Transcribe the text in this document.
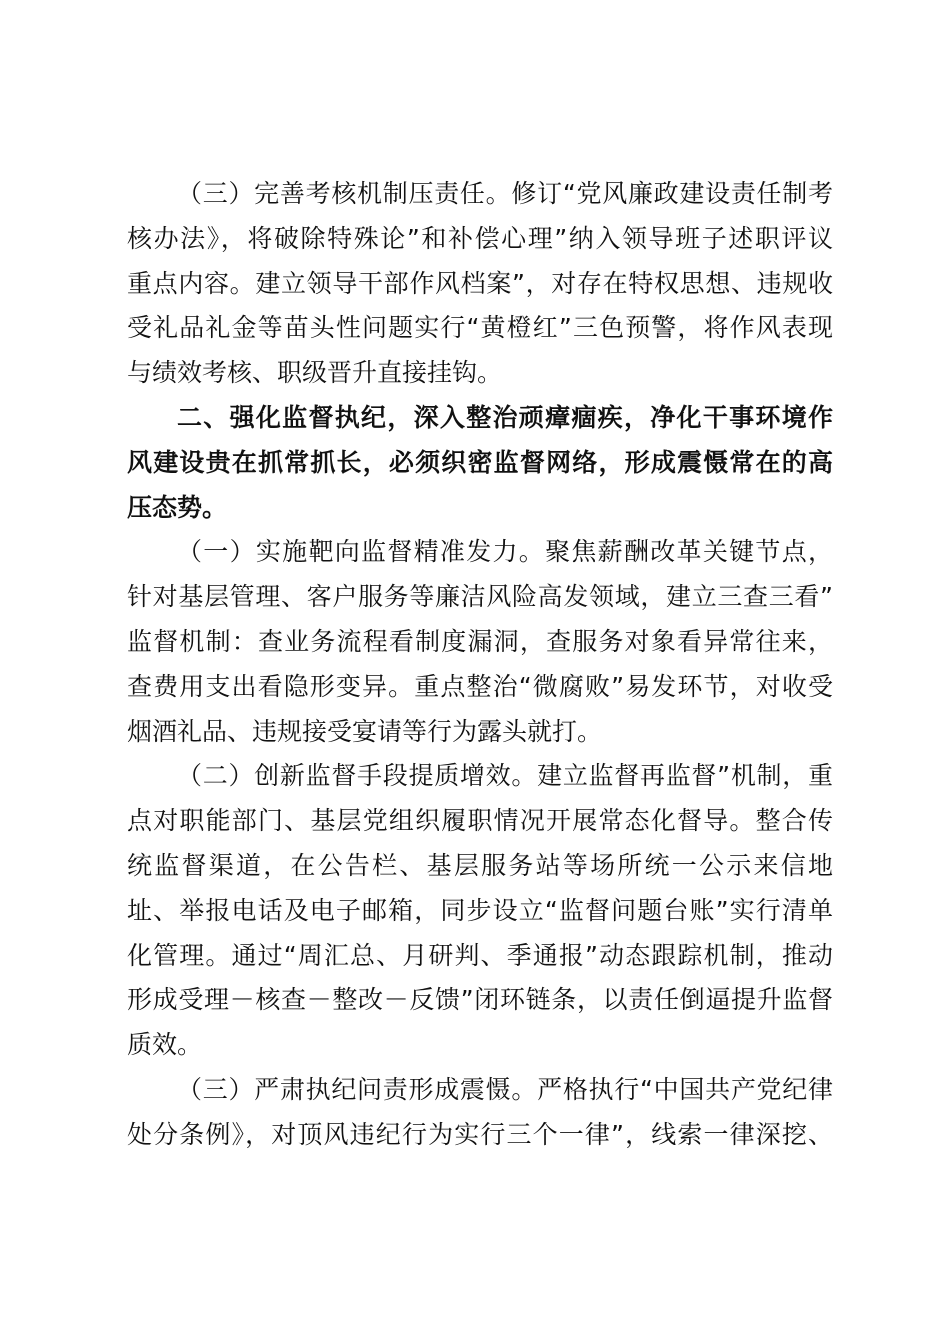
（三）完善考核机制压责任。修订“党风廉政建设责任制考
核办法》，将破除特殊论”和补偿心理”纳入领导班子述职评议
重点内容。建立领导干部作风档案”，对存在特权思想、违规收
受礼品礼金等苗头性问题实行“黄橙红”三色预警，将作风表现
与绩效考核、职级晋升直接挂钩。
二、强化监督执纪，深入整治顽瘴痼疾，净化干事环境作
风建设贵在抓常抓长，必须织密监督网络，形成震慑常在的高
压态势。
（一）实施靶向监督精准发力。聚焦薪酬改革关键节点，
针对基层管理、客户服务等廉洁风险高发领域，建立三查三看”
监督机制：查业务流程看制度漏洞，查服务对象看异常往来，
查费用支出看隐形变异。重点整治“微腐败”易发环节，对收受
烟酒礼品、违规接受宴请等行为露头就打。
（二）创新监督手段提质增效。建立监督再监督”机制，重
点对职能部门、基层党组织履职情况开展常态化督导。整合传
统监督渠道，在公告栏、基层服务站等场所统一公示来信地
址、举报电话及电子邮箱，同步设立“监督问题台账”实行清单
化管理。通过“周汇总、月研判、季通报”动态跟踪机制，推动
形成受理－核查－整改－反馈”闭环链条，以责任倒逼提升监督
质效。
（三）严肃执纪问责形成震慑。严格执行“中国共产党纪律
处分条例》，对顶风违纪行为实行三个一律”，线索一律深挖、
